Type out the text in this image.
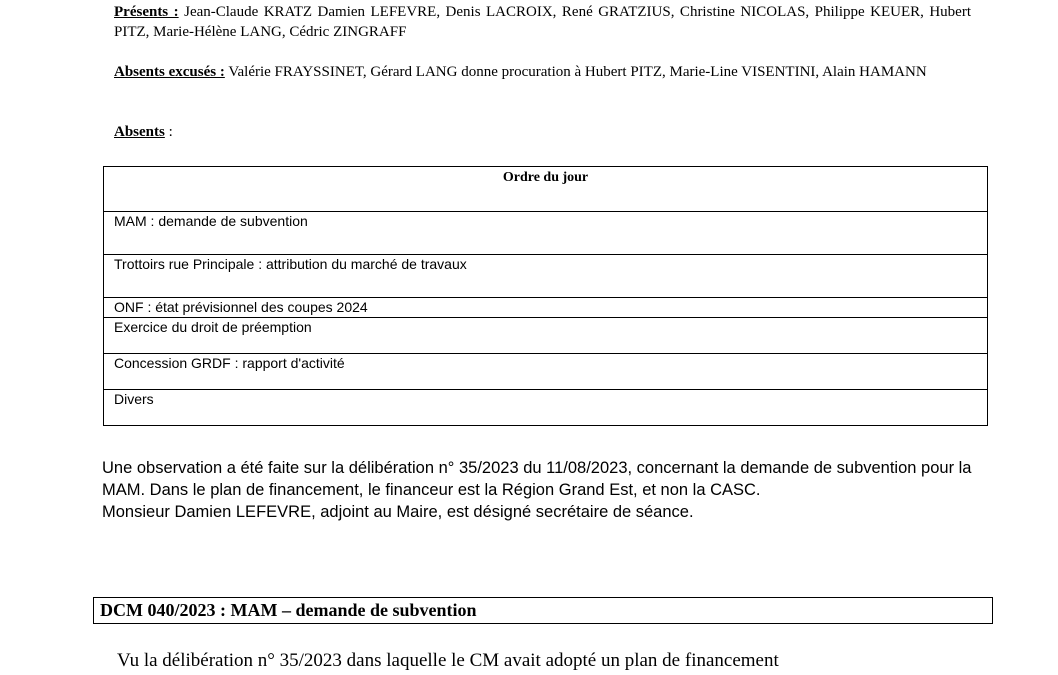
Présents : Jean-Claude KRATZ Damien LEFEVRE, Denis LACROIX, René GRATZIUS, Christine NICOLAS, Philippe KEUER, Hubert PITZ, Marie-Hélène LANG, Cédric ZINGRAFF
Absents excusés : Valérie FRAYSSINET, Gérard LANG donne procuration à Hubert PITZ, Marie-Line VISENTINI, Alain HAMANN
Absents :
Ordre du jour
MAM : demande de subvention
Trottoirs rue Principale : attribution du marché de travaux
ONF : état prévisionnel des coupes 2024
Exercice du droit de préemption
Concession GRDF : rapport d'activité
Divers
Une observation a été faite sur la délibération n° 35/2023 du 11/08/2023, concernant la demande de subvention pour la MAM. Dans le plan de financement, le financeur est la Région Grand Est, et non la CASC.
Monsieur Damien LEFEVRE, adjoint au Maire, est désigné secrétaire de séance.
DCM 040/2023 : MAM – demande de subvention
Vu la délibération n° 35/2023 dans laquelle le CM avait adopté un plan de financement
